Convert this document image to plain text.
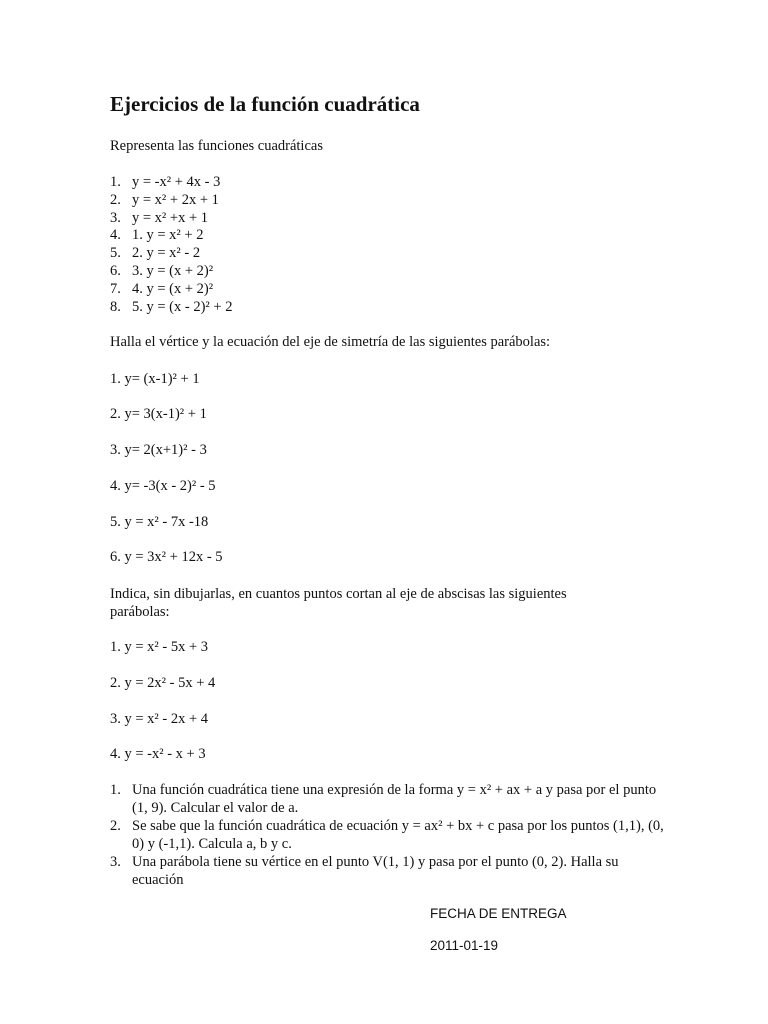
Ejercicios de la función cuadrática

Representa las funciones cuadráticas

1. y = -x² + 4x - 3
2. y = x² + 2x + 1
3. y = x² +x + 1
4. 1. y = x² + 2
5. 2. y = x² - 2
6. 3. y = (x + 2)²
7. 4. y = (x + 2)²
8. 5. y = (x - 2)² + 2

Halla el vértice y la ecuación del eje de simetría de las siguientes parábolas:

1. y= (x-1)² + 1

2. y= 3(x-1)² + 1

3. y= 2(x+1)² - 3

4. y= -3(x - 2)² - 5

5. y = x² - 7x -18

6. y = 3x² + 12x - 5

Indica, sin dibujarlas, en cuantos puntos cortan al eje de abscisas las siguientes parábolas:

1. y = x² - 5x + 3

2. y = 2x² - 5x + 4

3. y = x² - 2x + 4

4. y = -x² - x + 3

1. Una función cuadrática tiene una expresión de la forma y = x² + ax + a y pasa por el punto (1, 9). Calcular el valor de a.
2. Se sabe que la función cuadrática de ecuación y = ax² + bx + c pasa por los puntos (1,1), (0, 0) y (-1,1). Calcula a, b y c.
3. Una parábola tiene su vértice en el punto V(1, 1) y pasa por el punto (0, 2). Halla su ecuación

FECHA DE ENTREGA

2011-01-19
